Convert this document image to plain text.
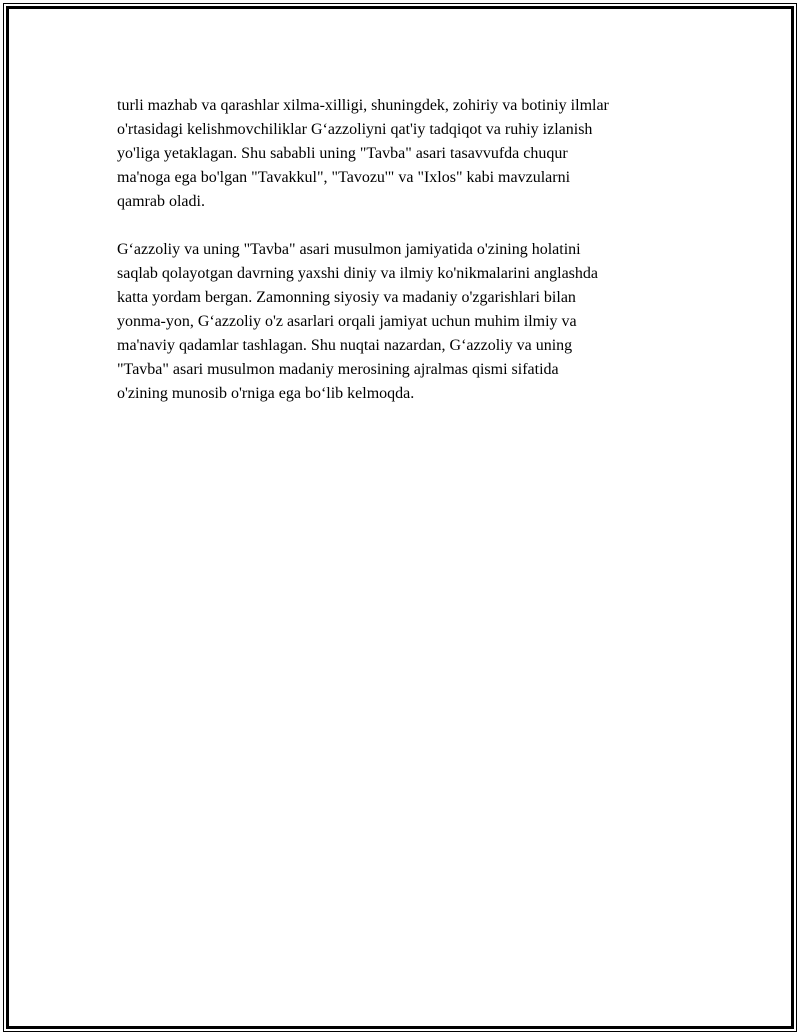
turli mazhab va qarashlar xilma-xilligi, shuningdek, zohiriy va botiniy ilmlar
o'rtasidagi kelishmovchiliklar G‘azzoliyni qat'iy tadqiqot va ruhiy izlanish
yo'liga yetaklagan. Shu sababli uning "Tavba" asari tasavvufda chuqur
ma'noga ega bo'lgan "Tavakkul", "Tavozu'" va "Ixlos" kabi mavzularni
qamrab oladi.

G‘azzoliy va uning "Tavba" asari musulmon jamiyatida o'zining holatini
saqlab qolayotgan davrning yaxshi diniy va ilmiy ko'nikmalarini anglashda
katta yordam bergan. Zamonning siyosiy va madaniy o'zgarishlari bilan
yonma-yon, G‘azzoliy o'z asarlari orqali jamiyat uchun muhim ilmiy va
ma'naviy qadamlar tashlagan. Shu nuqtai nazardan, G‘azzoliy va uning
"Tavba" asari musulmon madaniy merosining ajralmas qismi sifatida
o'zining munosib o'rniga ega bo‘lib kelmoqda.
